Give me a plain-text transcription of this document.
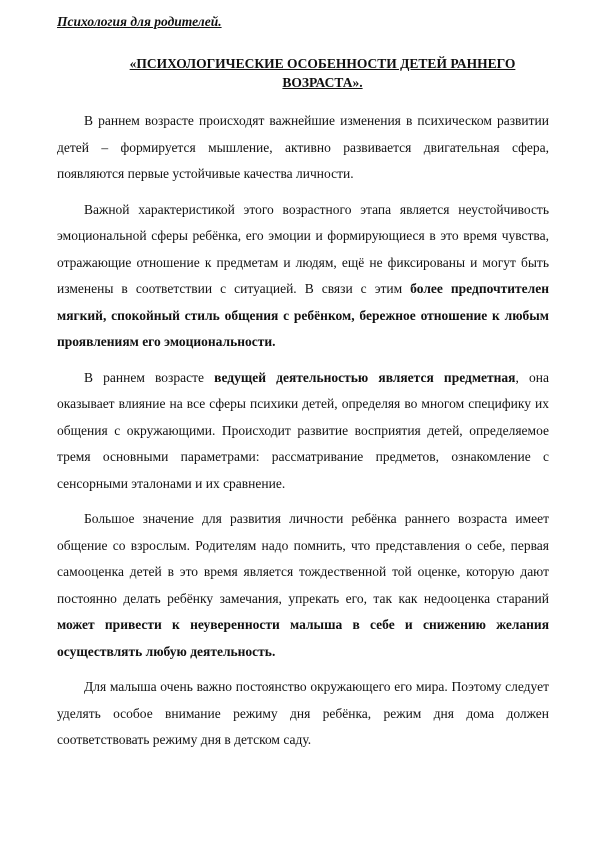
Психология для родителей.
«ПСИХОЛОГИЧЕСКИЕ ОСОБЕННОСТИ ДЕТЕЙ РАННЕГО
ВОЗРАСТА».

В раннем возрасте происходят важнейшие изменения в психическом развитии детей – формируется мышление, активно развивается двигательная сфера, появляются первые устойчивые качества личности.

Важной характеристикой этого возрастного этапа является неустойчивость эмоциональной сферы ребёнка, его эмоции и формирующиеся в это время чувства, отражающие отношение к предметам и людям, ещё не фиксированы и могут быть изменены в соответствии с ситуацией. В связи с этим более предпочтителен мягкий, спокойный стиль общения с ребёнком, бережное отношение к любым проявлениям его эмоциональности.

В раннем возрасте ведущей деятельностью является предметная, она оказывает влияние на все сферы психики детей, определяя во многом специфику их общения с окружающими. Происходит развитие восприятия детей, определяемое тремя основными параметрами: рассматривание предметов, ознакомление с сенсорными эталонами и их сравнение.

Большое значение для развития личности ребёнка раннего возраста имеет общение со взрослым. Родителям надо помнить, что представления о себе, первая самооценка детей в это время является тождественной той оценке, которую дают постоянно делать ребёнку замечания, упрекать его, так как недооценка стараний может привести к неуверенности малыша в себе и снижению желания осуществлять любую деятельность.

Для малыша очень важно постоянство окружающего его мира. Поэтому следует уделять особое внимание режиму дня ребёнка, режим дня дома должен соответствовать режиму дня в детском саду.
